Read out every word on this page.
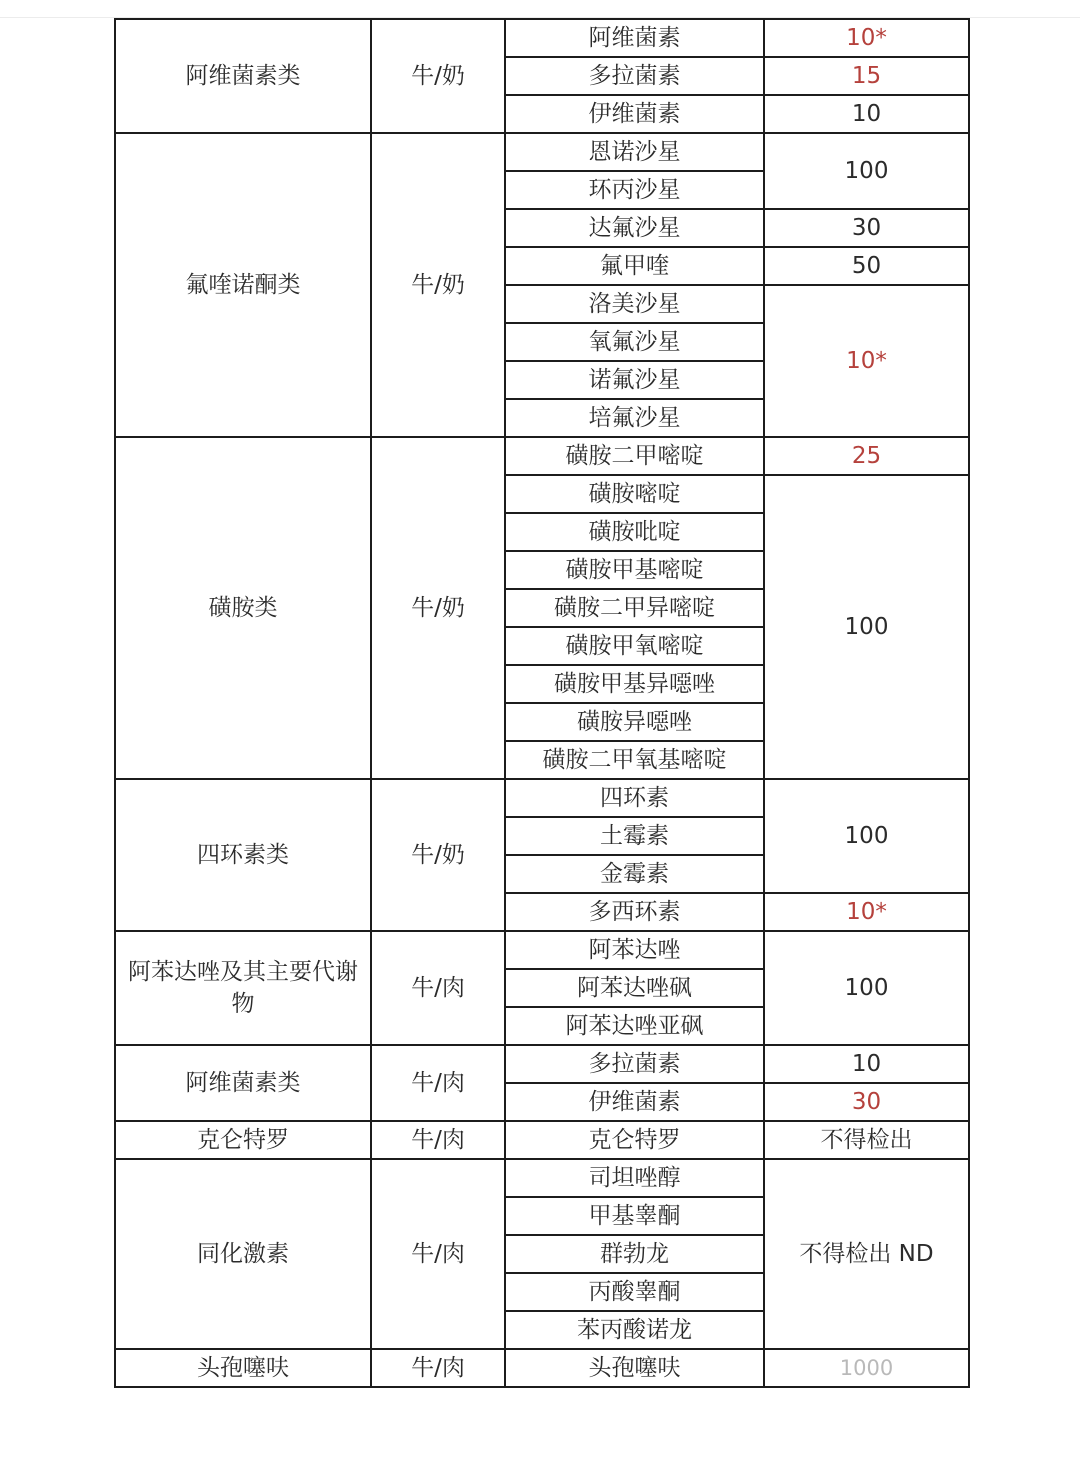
阿维菌素类	牛/奶	阿维菌素	10*
		多拉菌素	15
		伊维菌素	10
氟喹诺酮类	牛/奶	恩诺沙星	100
		环丙沙星	
		达氟沙星	30
		氟甲喹	50
		洛美沙星	10*
		氧氟沙星	
		诺氟沙星	
		培氟沙星	
磺胺类	牛/奶	磺胺二甲嘧啶	25
		磺胺嘧啶	100
		磺胺吡啶	
		磺胺甲基嘧啶	
		磺胺二甲异嘧啶	
		磺胺甲氧嘧啶	
		磺胺甲基异噁唑	
		磺胺异噁唑	
		磺胺二甲氧基嘧啶	
四环素类	牛/奶	四环素	100
		土霉素	
		金霉素	
		多西环素	10*
阿苯达唑及其主要代谢物	牛/肉	阿苯达唑	100
		阿苯达唑砜	
		阿苯达唑亚砜	
阿维菌素类	牛/肉	多拉菌素	10
		伊维菌素	30
克仑特罗	牛/肉	克仑特罗	不得检出
同化激素	牛/肉	司坦唑醇	不得检出 ND
		甲基睾酮	
		群勃龙	
		丙酸睾酮	
		苯丙酸诺龙	
头孢噻呋	牛/肉	头孢噻呋	1000
